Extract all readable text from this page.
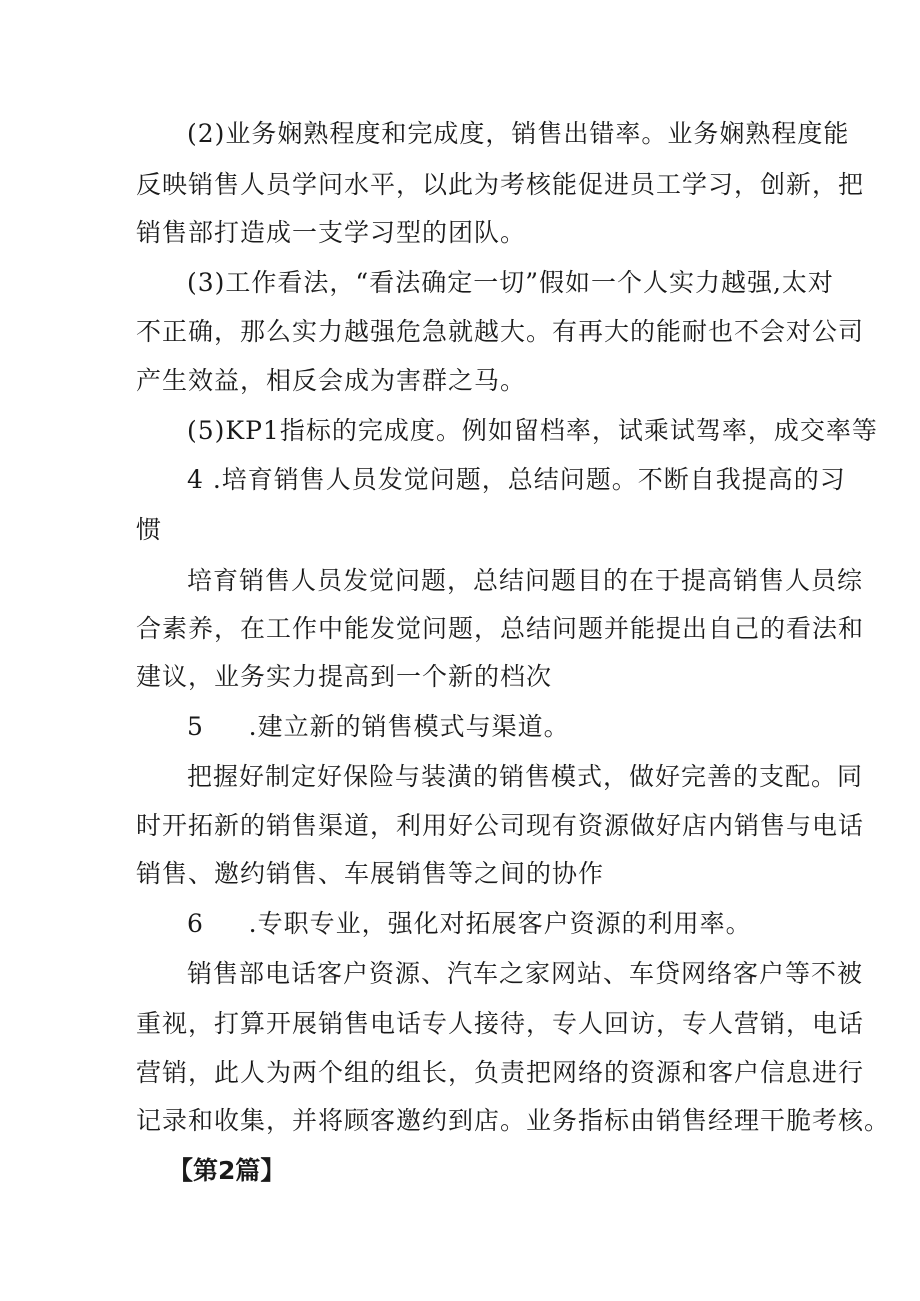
(2)业务娴熟程度和完成度，销售出错率。业务娴熟程度能
反映销售人员学问水平，以此为考核能促进员工学习，创新，把
销售部打造成一支学习型的团队。
(3)工作看法，“看法确定一切”假如一个人实力越强,太对
不正确，那么实力越强危急就越大。有再大的能耐也不会对公司
产生效益，相反会成为害群之马。
(5)KP1指标的完成度。例如留档率，试乘试驾率，成交率等
4 .培育销售人员发觉问题，总结问题。不断自我提高的习
惯
培育销售人员发觉问题，总结问题目的在于提高销售人员综
合素养，在工作中能发觉问题，总结问题并能提出自己的看法和
建议，业务实力提高到一个新的档次
5     .建立新的销售模式与渠道。
把握好制定好保险与装潢的销售模式，做好完善的支配。同
时开拓新的销售渠道，利用好公司现有资源做好店内销售与电话
销售、邀约销售、车展销售等之间的协作
6     .专职专业，强化对拓展客户资源的利用率。
销售部电话客户资源、汽车之家网站、车贷网络客户等不被
重视，打算开展销售电话专人接待，专人回访，专人营销，电话
营销，此人为两个组的组长，负责把网络的资源和客户信息进行
记录和收集，并将顾客邀约到店。业务指标由销售经理干脆考核。
【第2篇】
